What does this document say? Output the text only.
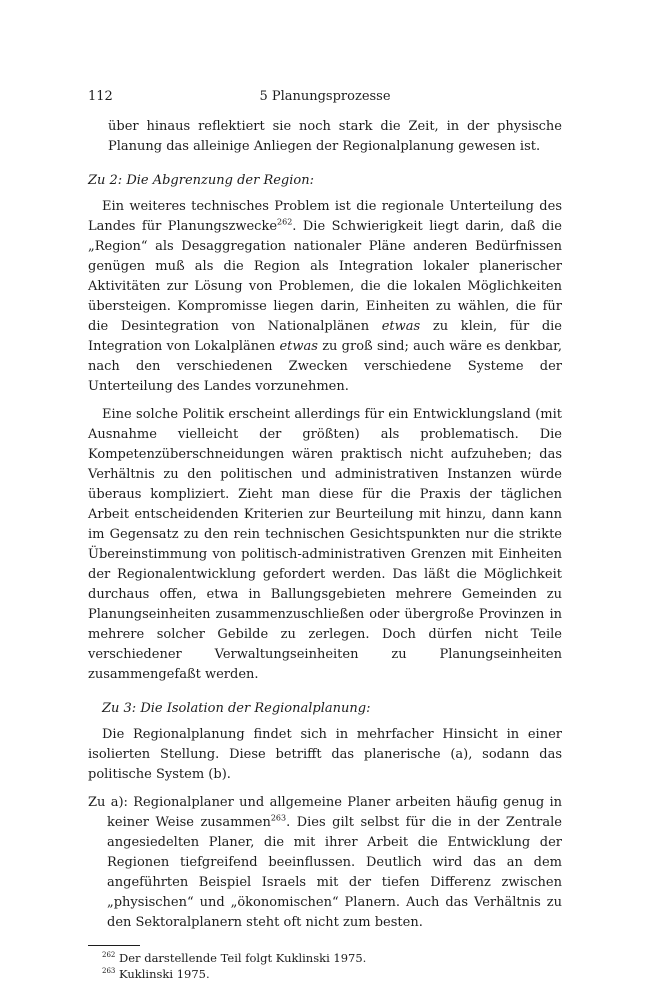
112	5 Planungsprozesse

über hinaus reflektiert sie noch stark die Zeit, in der physische Planung das alleinige Anliegen der Regionalplanung gewesen ist.

Zu 2: Die Abgrenzung der Region:

Ein weiteres technisches Problem ist die regionale Unterteilung des Landes für Planungszwecke$^{262}$. Die Schwierigkeit liegt darin, daß die „Region“ als Desaggregation nationaler Pläne anderen Bedürfnissen genügen muß als die Region als Integration lokaler planerischer Aktivitäten zur Lösung von Problemen, die die lokalen Möglichkeiten übersteigen. Kompromisse liegen darin, Einheiten zu wählen, die für die Desintegration von Nationalplänen etwas zu klein, für die Integration von Lokalplänen etwas zu groß sind; auch wäre es denkbar, nach den verschiedenen Zwecken verschiedene Systeme der Unterteilung des Landes vorzunehmen.

Eine solche Politik erscheint allerdings für ein Entwicklungsland (mit Ausnahme vielleicht der größten) als problematisch. Die Kompetenzüberschneidungen wären praktisch nicht aufzuheben; das Verhältnis zu den politischen und administrativen Instanzen würde überaus kompliziert. Zieht man diese für die Praxis der täglichen Arbeit entscheidenden Kriterien zur Beurteilung mit hinzu, dann kann im Gegensatz zu den rein technischen Gesichtspunkten nur die strikte Übereinstimmung von politisch-administrativen Grenzen mit Einheiten der Regionalentwicklung gefordert werden. Das läßt die Möglichkeit durchaus offen, etwa in Ballungsgebieten mehrere Gemeinden zu Planungseinheiten zusammenzuschließen oder übergroße Provinzen in mehrere solcher Gebilde zu zerlegen. Doch dürfen nicht Teile verschiedener Verwaltungseinheiten zu Planungseinheiten zusammengefaßt werden.

Zu 3: Die Isolation der Regionalplanung:

Die Regionalplanung findet sich in mehrfacher Hinsicht in einer isolierten Stellung. Diese betrifft das planerische (a), sodann das politische System (b).

Zu a): Regionalplaner und allgemeine Planer arbeiten häufig genug in keiner Weise zusammen$^{263}$. Dies gilt selbst für die in der Zentrale angesiedelten Planer, die mit ihrer Arbeit die Entwicklung der Regionen tiefgreifend beeinflussen. Deutlich wird das an dem angeführten Beispiel Israels mit der tiefen Differenz zwischen „physischen“ und „ökonomischen“ Planern. Auch das Verhältnis zu den Sektoralplanern steht oft nicht zum besten.

$^{262}$ Der darstellende Teil folgt Kuklinski 1975.
$^{263}$ Kuklinski 1975.
